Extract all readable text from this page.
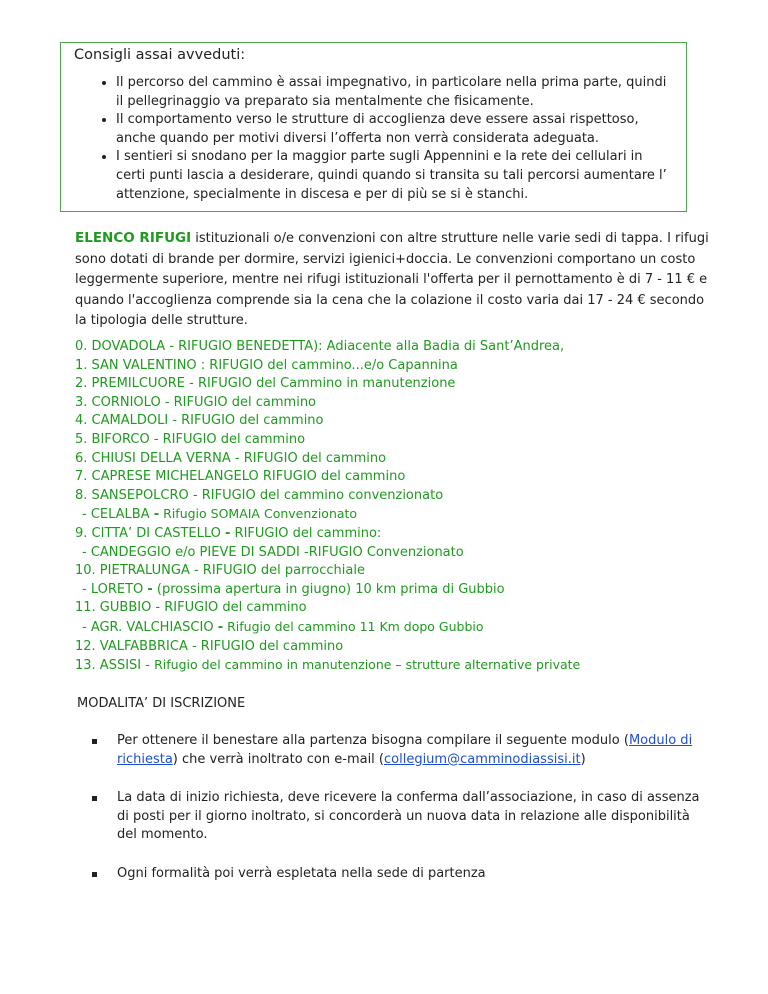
Consigli assai avveduti:

• Il percorso del cammino è assai impegnativo, in particolare nella prima parte, quindi il pellegrinaggio va preparato sia mentalmente che fisicamente.
• Il comportamento verso le strutture di accoglienza deve essere assai rispettoso, anche quando per motivi diversi l’offerta non verrà considerata adeguata.
• I sentieri si snodano per la maggior parte sugli Appennini e la rete dei cellulari in certi punti lascia a desiderare, quindi quando si transita su tali percorsi aumentare l’ attenzione, specialmente in discesa e per di più se si è stanchi.

ELENCO RIFUGI istituzionali o/e convenzioni con altre strutture nelle varie sedi di tappa. I rifugi sono dotati di brande per dormire, servizi igienici+doccia. Le convenzioni comportano un costo leggermente superiore, mentre nei rifugi istituzionali l'offerta per il pernottamento è di 7 - 11 € e quando l'accoglienza comprende sia la cena che la colazione il costo varia dai 17 - 24 € secondo la tipologia delle strutture.

0. DOVADOLA - RIFUGIO BENEDETTA): Adiacente alla Badia di Sant’Andrea,
1. SAN VALENTINO : RIFUGIO del cammino...e/o Capannina
2. PREMILCUORE - RIFUGIO del Cammino in manutenzione
3. CORNIOLO - RIFUGIO del cammino
4. CAMALDOLI - RIFUGIO del cammino
5. BIFORCO - RIFUGIO del cammino
6. CHIUSI DELLA VERNA - RIFUGIO del cammino
7. CAPRESE MICHELANGELO RIFUGIO del cammino
8. SANSEPOLCRO - RIFUGIO del cammino convenzionato
- CELALBA - Rifugio SOMAIA Convenzionato
9. CITTA’ DI CASTELLO - RIFUGIO del cammino:
- CANDEGGIO e/o PIEVE DI SADDI -RIFUGIO Convenzionato
10. PIETRALUNGA - RIFUGIO del parrocchiale
- LORETO - (prossima apertura in giugno) 10 km prima di Gubbio
11. GUBBIO - RIFUGIO del cammino
- AGR. VALCHIASCIO - Rifugio del cammino 11 Km dopo Gubbio
12. VALFABBRICA - RIFUGIO del cammino
13. ASSISI - Rifugio del cammino in manutenzione – strutture alternative private

MODALITA’ DI ISCRIZIONE

Per ottenere il benestare alla partenza bisogna compilare il seguente modulo (Modulo di richiesta) che verrà inoltrato con e-mail (collegium@camminodiassisi.it)
La data di inizio richiesta, deve ricevere la conferma dall’associazione, in caso di assenza di posti per il giorno inoltrato, si concorderà un nuova data in relazione alle disponibilità del momento.
Ogni formalità poi verrà espletata nella sede di partenza
